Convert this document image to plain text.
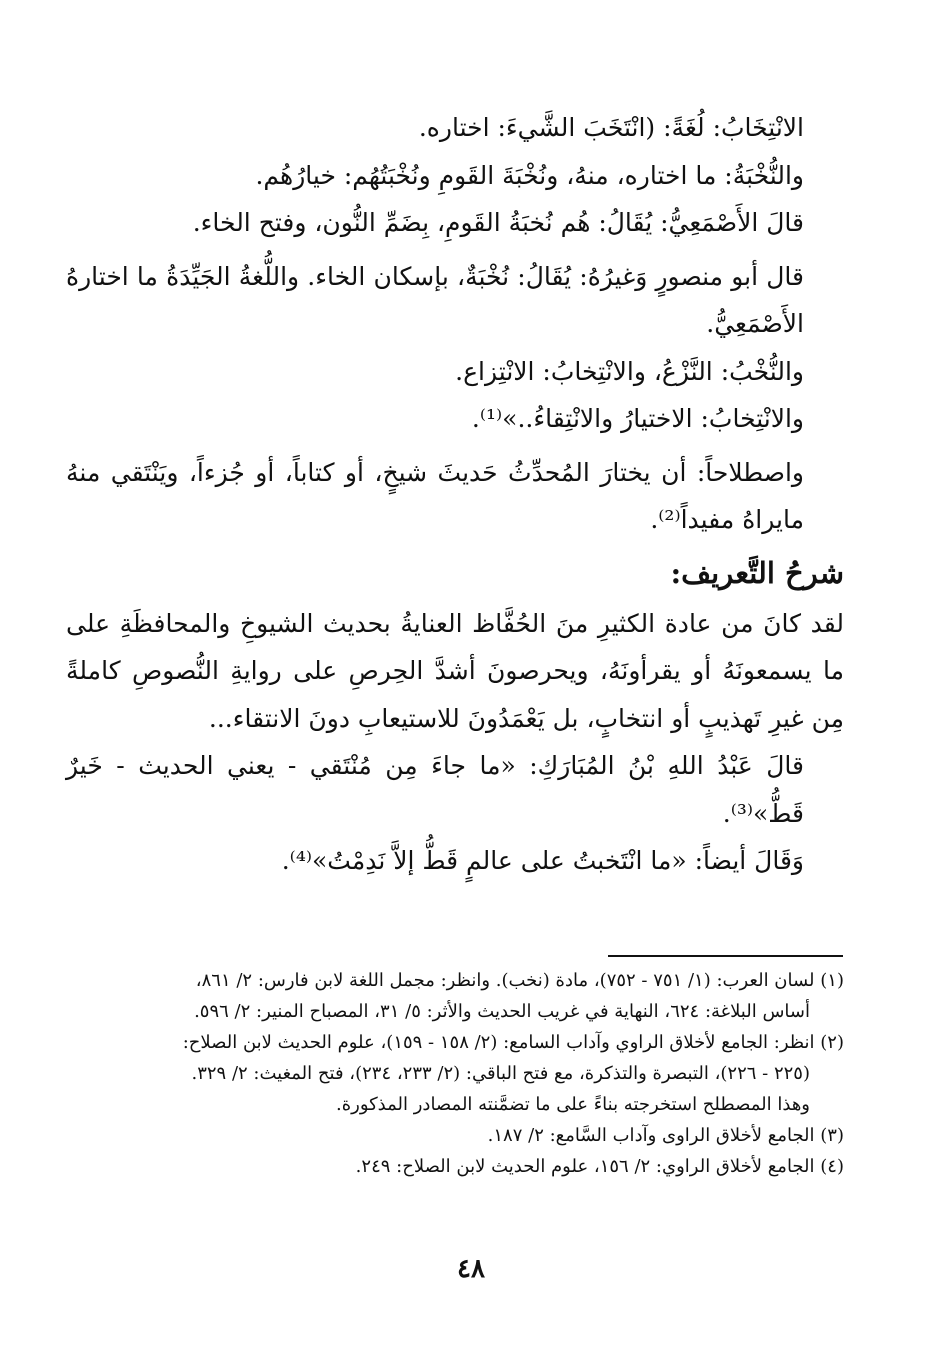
الانْتِخَابُ: لُغَةً: (انْتَخَبَ الشَّيءَ: اختاره.

والنُّخْبَةُ: ما اختاره، منهُ، ونُخْبَةَ القَومِ ونُخْبَتُهُم: خيارُهُم.

قالَ الأَصْمَعِيُّ: يُقَالُ: هُم نُخبَةُ القَومِ، بِضَمِّ النُّون، وفتح الخاء.

قال أبو منصورٍ وَغيرُهُ: يُقَالُ: نُخْبَةٌ، بإسكان الخاء. واللُّغةُ الجَيِّدَةُ ما اختارهُ الأَصْمَعِيُّ.

والنُّخْبُ: النَّزْعُ، والانْتِخابُ: الانْتِزاع.

والانْتِخابُ: الاختيارُ والانْتِقاءُ..»⁽¹⁾.

واصطلاحاً: أن يختارَ المُحدِّثُ حَديثَ شيخٍ، أو كتاباً، أو جُزءاً، ويَنْتَقي منهُ مايراهُ مفيداً⁽²⁾.

شرحُ التَّعريف:

لقد كانَ من عادة الكثيرِ منَ الحُفَّاظ العنايةُ بحديث الشيوخِ والمحافظَةِ على ما يسمعونَهُ أو يقرأونَهُ، ويحرصونَ أشدَّ الحِرصِ على روايةِ النُّصوصِ كاملةً مِن غيرِ تَهذيبٍ أو انتخابٍ، بل يَعْمَدُونَ للاستيعابِ دونَ الانتقاء...

قالَ عَبْدُ اللهِ بْنُ المُبَارَكِ: «ما جاءَ مِن مُنْتَقي - يعني الحديث - خَيرٌ قَطُّ»⁽³⁾.

وَقَالَ أيضاً: «ما انْتَخبتُ على عالمٍ قَطُّ إلاَّ نَدِمْتُ»⁽⁴⁾.

(١) لسان العرب: (١/ ٧٥١ - ٧٥٢)، مادة (نخب). وانظر: مجمل اللغة لابن فارس: ٢/ ٨٦١،

أساس البلاغة: ٦٢٤، النهاية في غريب الحديث والأثر: ٥/ ٣١، المصباح المنير: ٢/ ٥٩٦.

(٢) انظر: الجامع لأخلاق الراوي وآداب السامع: (٢/ ١٥٨ - ١٥٩)، علوم الحديث لابن الصلاح:

(٢٢٥ - ٢٢٦)، التبصرة والتذكرة، مع فتح الباقي: (٢/ ٢٣٣، ٢٣٤)، فتح المغيث: ٢/ ٣٢٩.

وهذا المصطلح استخرجته بناءً على ما تضمَّنته المصادر المذكورة.

(٣) الجامع لأخلاق الراوى وآداب السَّامع: ٢/ ١٨٧.

(٤) الجامع لأخلاق الراوي: ٢/ ١٥٦، علوم الحديث لابن الصلاح: ٢٤٩.

٤٨
